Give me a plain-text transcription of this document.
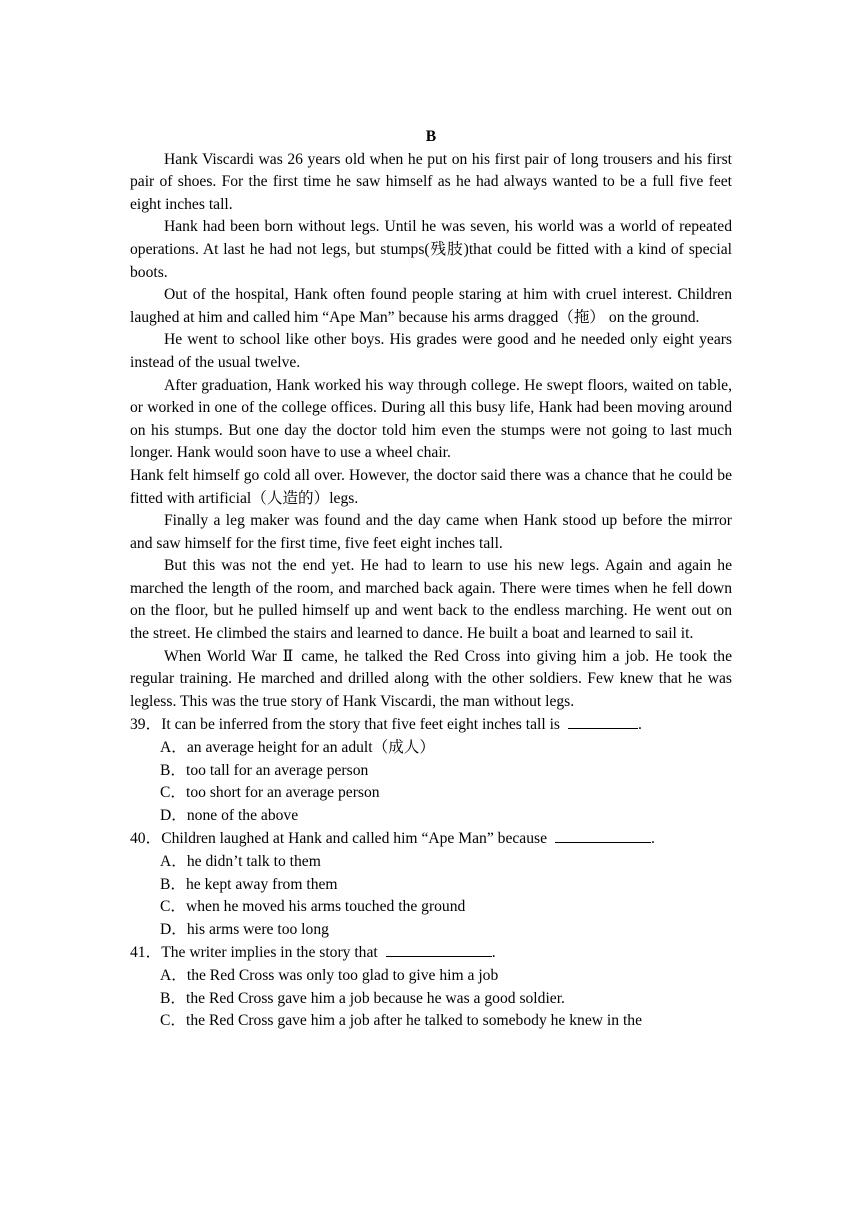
B

Hank Viscardi was 26 years old when he put on his first pair of long trousers and his first pair of shoes. For the first time he saw himself as he had always wanted to be a full five feet eight inches tall.

Hank had been born without legs. Until he was seven, his world was a world of repeated operations. At last he had not legs, but stumps(残肢)that could be fitted with a kind of special boots.

Out of the hospital, Hank often found people staring at him with cruel interest. Children laughed at him and called him “Ape Man” because his arms dragged（拖） on the ground.

He went to school like other boys. His grades were good and he needed only eight years instead of the usual twelve.

After graduation, Hank worked his way through college. He swept floors, waited on table, or worked in one of the college offices. During all this busy life, Hank had been moving around on his stumps. But one day the doctor told him even the stumps were not going to last much longer. Hank would soon have to use a wheel chair.

Hank felt himself go cold all over. However, the doctor said there was a chance that he could be fitted with artificial（人造的）legs.

Finally a leg maker was found and the day came when Hank stood up before the mirror and saw himself for the first time, five feet eight inches tall.

But this was not the end yet. He had to learn to use his new legs. Again and again he marched the length of the room, and marched back again. There were times when he fell down on the floor, but he pulled himself up and went back to the endless marching. He went out on the street. He climbed the stairs and learned to dance. He built a boat and learned to sail it.

When World War Ⅱ came, he talked the Red Cross into giving him a job. He took the regular training. He marched and drilled along with the other soldiers. Few knew that he was legless. This was the true story of Hank Viscardi, the man without legs.

39．It can be inferred from the story that five feet eight inches tall is	.

A．an average height for an adult（成人）
B．too tall for an average person
C．too short for an average person
D．none of the above

40．Children laughed at Hank and called him “Ape Man” because	.

A．he didn’t talk to them
B．he kept away from them
C．when he moved his arms touched the ground
D．his arms were too long

41．The writer implies in the story that	.

A．the Red Cross was only too glad to give him a job
B．the Red Cross gave him a job because he was a good soldier.
C．the Red Cross gave him a job after he talked to somebody he knew in the
